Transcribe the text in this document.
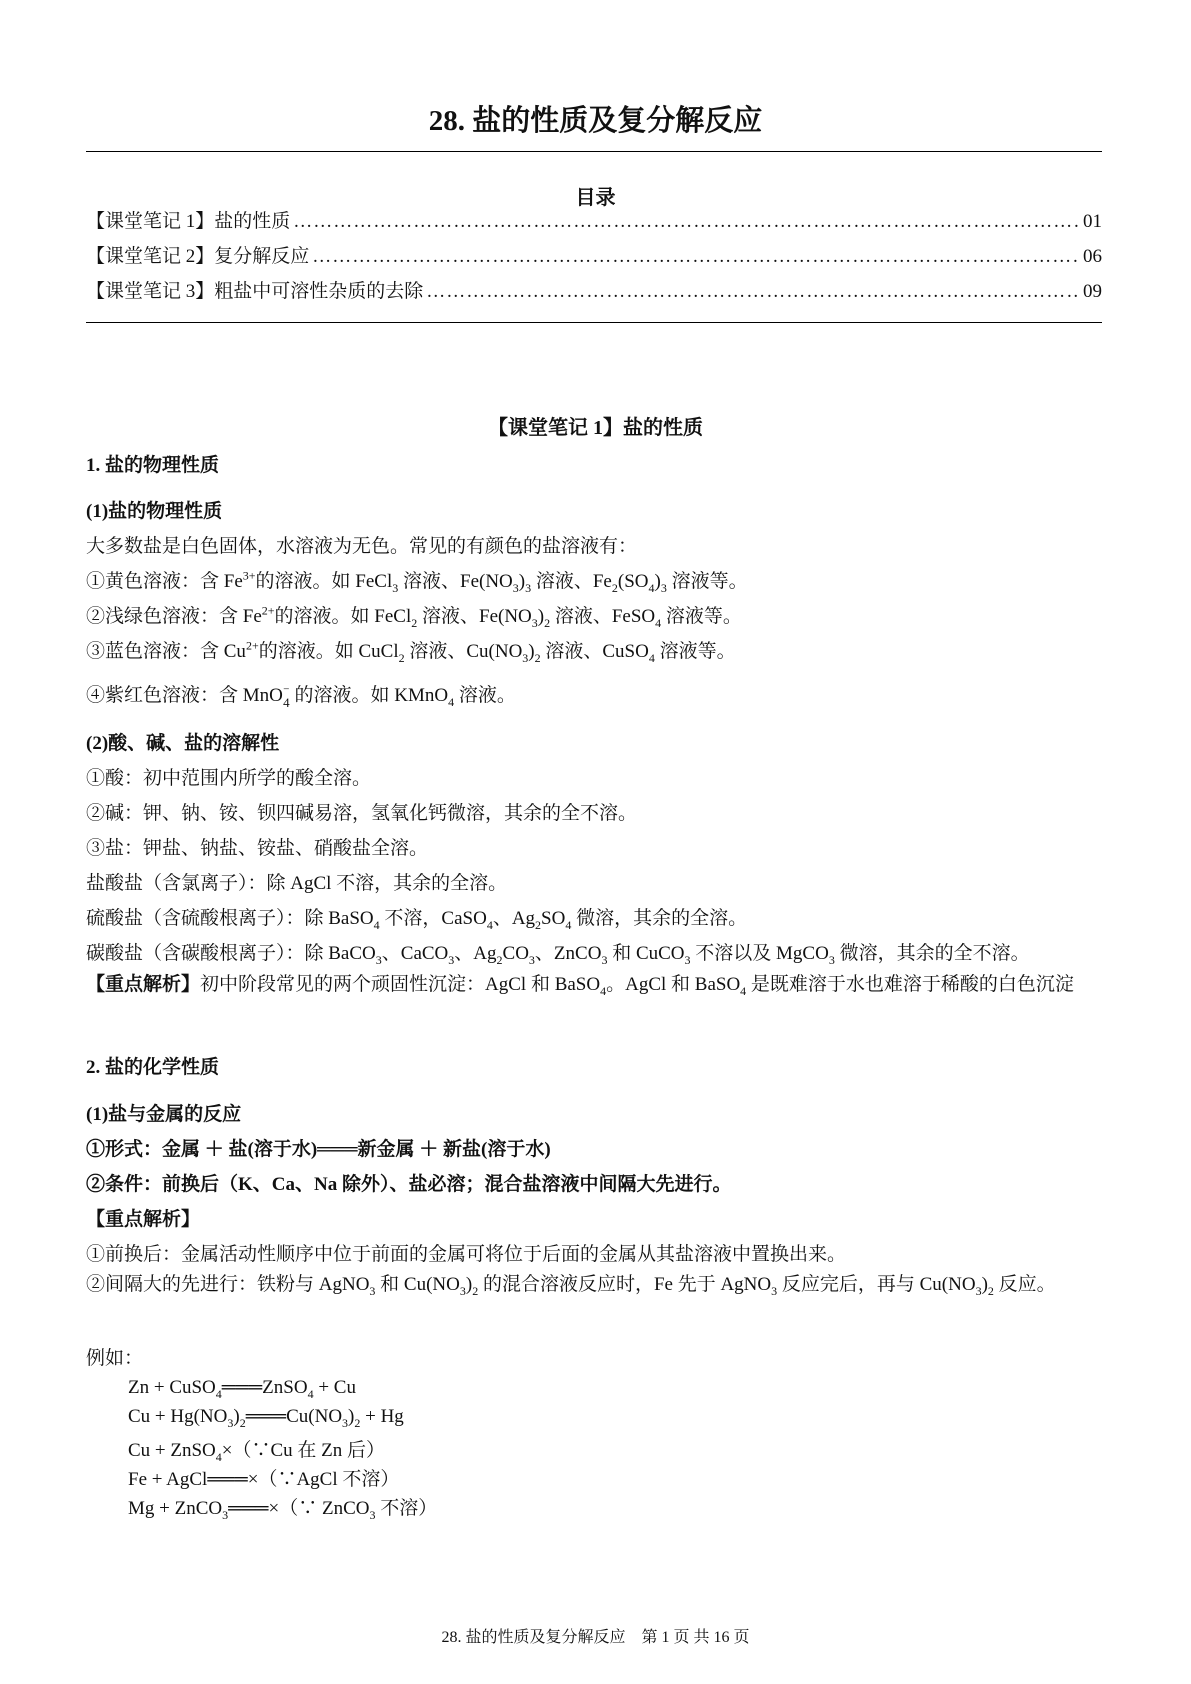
28. 盐的性质及复分解反应
目录
【课堂笔记 1】盐的性质 …………………………………………………………………………………………………………………………………………………………………………………………………………	01
【课堂笔记 2】复分解反应 …………………………………………………………………………………………………………………………………………………………………………………………………………	06
【课堂笔记 3】粗盐中可溶性杂质的去除 …………………………………………………………………………………………………………………………………………………………………………………………………………	09
【课堂笔记 1】盐的性质
1. 盐的物理性质
(1)盐的物理性质
大多数盐是白色固体，水溶液为无色。常见的有颜色的盐溶液有：
①黄色溶液：含 $Fe^{3+}$的溶液。如 FeCl$_3$ 溶液、$Fe(NO_3)_3$ 溶液、$Fe_2(SO_4)_3$ 溶液等。
②浅绿色溶液：含 $Fe^{2+}$的溶液。如 FeCl$_2$ 溶液、$Fe(NO_3)_2$ 溶液、FeSO$_4$ 溶液等。
③蓝色溶液：含 $Cu^{2+}$的溶液。如 CuCl$_2$ 溶液、$Cu(NO_3)_2$ 溶液、CuSO$_4$ 溶液等。
④紫红色溶液：含 MnO⁻
4 的溶液。如 KMnO$_4$ 溶液。
(2)酸、碱、盐的溶解性
①酸：初中范围内所学的酸全溶。
②碱：钾、钠、铵、钡四碱易溶，氢氧化钙微溶，其余的全不溶。
③盐：钾盐、钠盐、铵盐、硝酸盐全溶。
盐酸盐（含氯离子）：除 AgCl 不溶，其余的全溶。
硫酸盐（含硫酸根离子）：除 BaSO$_4$ 不溶，CaSO$_4$、$Ag_2SO_4$ 微溶，其余的全溶。
碳酸盐（含碳酸根离子）：除 BaCO$_3$、CaCO$_3$、$Ag_2CO_3$、ZnCO$_3$ 和 CuCO$_3$ 不溶以及 MgCO$_3$ 微溶，其余的全不溶。
【重点解析】初中阶段常见的两个顽固性沉淀：AgCl 和 BaSO$_4$。AgCl 和 BaSO$_4$ 是既难溶于水也难溶于稀酸的白色沉淀
2. 盐的化学性质
(1)盐与金属的反应
①形式：金属 ＋ 盐(溶于水)═══新金属 ＋ 新盐(溶于水)
②条件：前换后（K、Ca、Na 除外）、盐必溶；混合盐溶液中间隔大先进行。
【重点解析】
①前换后：金属活动性顺序中位于前面的金属可将位于后面的金属从其盐溶液中置换出来。
②间隔大的先进行：铁粉与 AgNO$_3$ 和 $Cu(NO_3)_2$ 的混合溶液反应时，Fe 先于 AgNO$_3$ 反应完后，再与 $Cu(NO_3)_2$ 反应。
例如：
Zn + CuSO$_4$═══ZnSO$_4$ + Cu
$Cu + Hg(NO_3)_2═══Cu(NO_3)_2 + Hg$
Cu + ZnSO$_4$×（∵Cu 在 Zn 后）
Fe + AgCl═══×（∵AgCl 不溶）
Mg + ZnCO$_3$═══×（∵ ZnCO$_3$ 不溶）
28. 盐的性质及复分解反应　第 1 页 共 16 页
